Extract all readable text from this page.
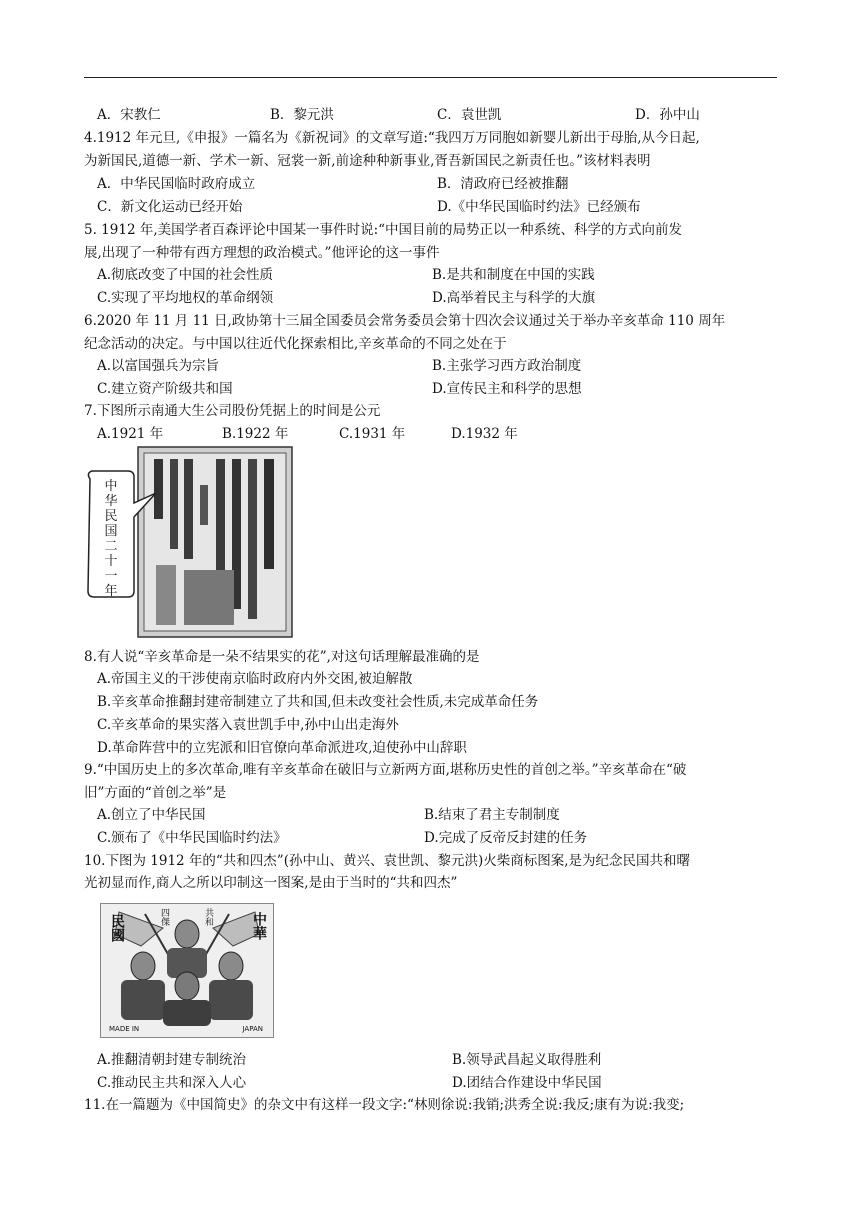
A．宋教仁	B．黎元洪	C．袁世凯	D．孙中山
4.1912 年元旦,《申报》一篇名为《新祝词》的文章写道:“我四万万同胞如新婴儿新出于母胎,从今日起,
为新国民,道德一新、学术一新、冠裳一新,前途种种新事业,胥吾新国民之新责任也。”该材料表明
A．中华民国临时政府成立	B．清政府已经被推翻
C．新文化运动已经开始	D.《中华民国临时约法》已经颁布
5. 1912 年,美国学者百森评论中国某一事件时说:“中国目前的局势正以一种系统、科学的方式向前发
展,出现了一种带有西方理想的政治模式。”他评论的这一事件
A.彻底改变了中国的社会性质	B.是共和制度在中国的实践
C.实现了平均地权的革命纲领	D.高举着民主与科学的大旗
6.2020 年 11 月 11 日,政协第十三届全国委员会常务委员会第十四次会议通过关于举办辛亥革命 110 周年
纪念活动的决定。与中国以往近代化探索相比,辛亥革命的不同之处在于
A.以富国强兵为宗旨	B.主张学习西方政治制度
C.建立资产阶级共和国	D.宣传民主和科学的思想
7.下图所示南通大生公司股份凭据上的时间是公元
A.1921 年	B.1922 年	C.1931 年	D.1932 年
中
华
民
国
二
十
一
年
8.有人说“辛亥革命是一朵不结果实的花”,对这句话理解最准确的是
A.帝国主义的干涉使南京临时政府内外交困,被迫解散
B.辛亥革命推翻封建帝制建立了共和国,但未改变社会性质,未完成革命任务
C.辛亥革命的果实落入袁世凯手中,孙中山出走海外
D.革命阵营中的立宪派和旧官僚向革命派进攻,迫使孙中山辞职
9.“中国历史上的多次革命,唯有辛亥革命在破旧与立新两方面,堪称历史性的首创之举。”辛亥革命在“破
旧”方面的“首创之举”是
A.创立了中华民国	B.结束了君主专制制度
C.颁布了《中华民国临时约法》	D.完成了反帝反封建的任务
10.下图为 1912 年的“共和四杰”(孙中山、黄兴、袁世凯、黎元洪)火柴商标图案,是为纪念民国共和曙
光初显而作,商人之所以印制这一图案,是由于当时的“共和四杰”
民國	中華
四傑	共和
MADE IN	JAPAN
A.推翻清朝封建专制统治	B.领导武昌起义取得胜利
C.推动民主共和深入人心	D.团结合作建设中华民国
11.在一篇题为《中国简史》的杂文中有这样一段文字:“林则徐说:我销;洪秀全说:我反;康有为说:我变;
